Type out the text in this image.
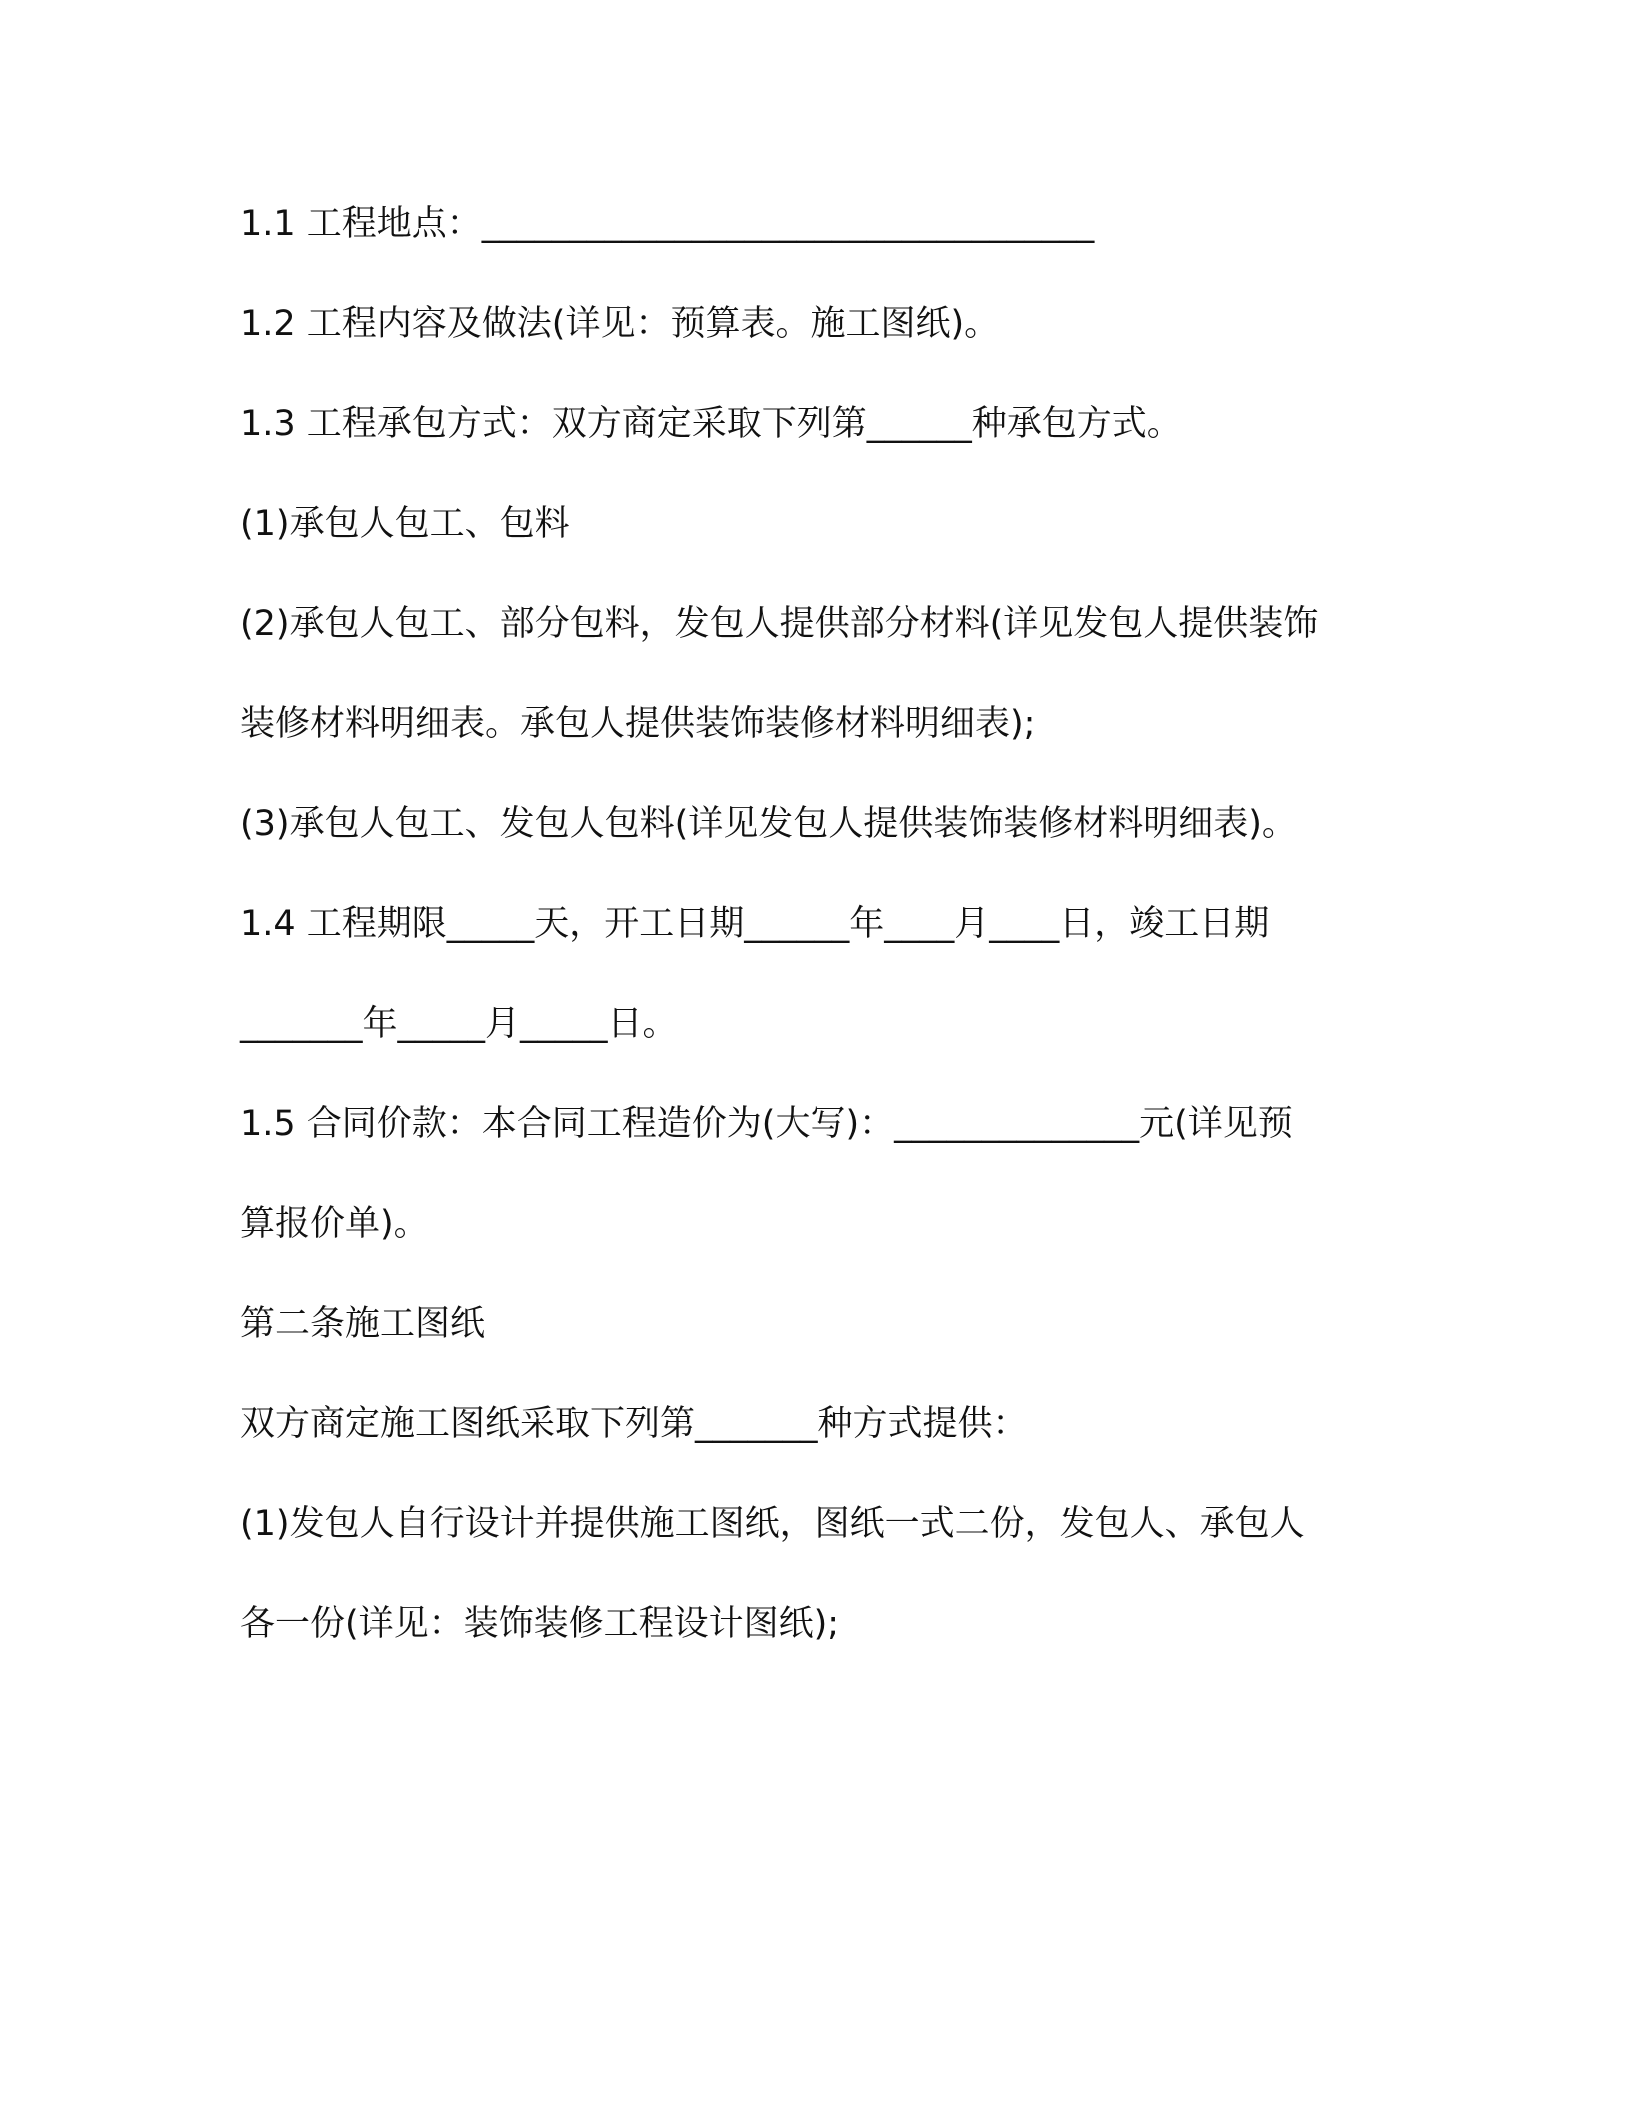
1.1 工程地点：___________________________________
1.2 工程内容及做法(详见：预算表。施工图纸)。
1.3 工程承包方式：双方商定采取下列第______种承包方式。
(1)承包人包工、包料
(2)承包人包工、部分包料，发包人提供部分材料(详见发包人提供装饰
装修材料明细表。承包人提供装饰装修材料明细表);
(3)承包人包工、发包人包料(详见发包人提供装饰装修材料明细表)。
1.4 工程期限_____天，开工日期______年____月____日，竣工日期
_______年_____月_____日。
1.5 合同价款：本合同工程造价为(大写)：______________元(详见预
算报价单)。
第二条施工图纸
双方商定施工图纸采取下列第_______种方式提供：
(1)发包人自行设计并提供施工图纸，图纸一式二份，发包人、承包人
各一份(详见：装饰装修工程设计图纸);
